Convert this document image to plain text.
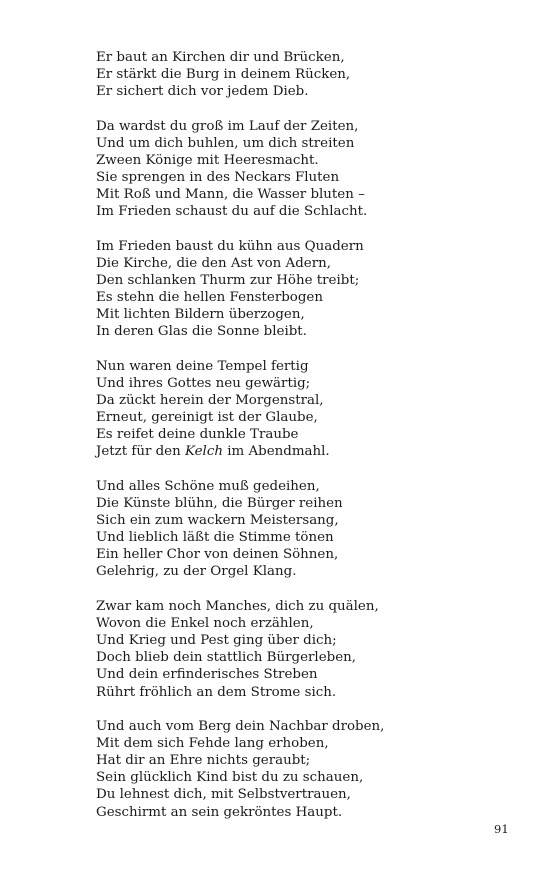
Er baut an Kirchen dir und Brücken,
Er stärkt die Burg in deinem Rücken,
Er sichert dich vor jedem Dieb.
Da wardst du groß im Lauf der Zeiten,
Und um dich buhlen, um dich streiten
Zween Könige mit Heeresmacht.
Sie sprengen in des Neckars Fluten
Mit Roß und Mann, die Wasser bluten –
Im Frieden schaust du auf die Schlacht.
Im Frieden baust du kühn aus Quadern
Die Kirche, die den Ast von Adern,
Den schlanken Thurm zur Höhe treibt;
Es stehn die hellen Fensterbogen
Mit lichten Bildern überzogen,
In deren Glas die Sonne bleibt.
Nun waren deine Tempel fertig
Und ihres Gottes neu gewärtig;
Da zückt herein der Morgenstral,
Erneut, gereinigt ist der Glaube,
Es reifet deine dunkle Traube
Jetzt für den Kelch im Abendmahl.
Und alles Schöne muß gedeihen,
Die Künste blühn, die Bürger reihen
Sich ein zum wackern Meistersang,
Und lieblich läßt die Stimme tönen
Ein heller Chor von deinen Söhnen,
Gelehrig, zu der Orgel Klang.
Zwar kam noch Manches, dich zu quälen,
Wovon die Enkel noch erzählen,
Und Krieg und Pest ging über dich;
Doch blieb dein stattlich Bürgerleben,
Und dein erfinderisches Streben
Rührt fröhlich an dem Strome sich.
Und auch vom Berg dein Nachbar droben,
Mit dem sich Fehde lang erhoben,
Hat dir an Ehre nichts geraubt;
Sein glücklich Kind bist du zu schauen,
Du lehnest dich, mit Selbstvertrauen,
Geschirmt an sein gekröntes Haupt.
91
